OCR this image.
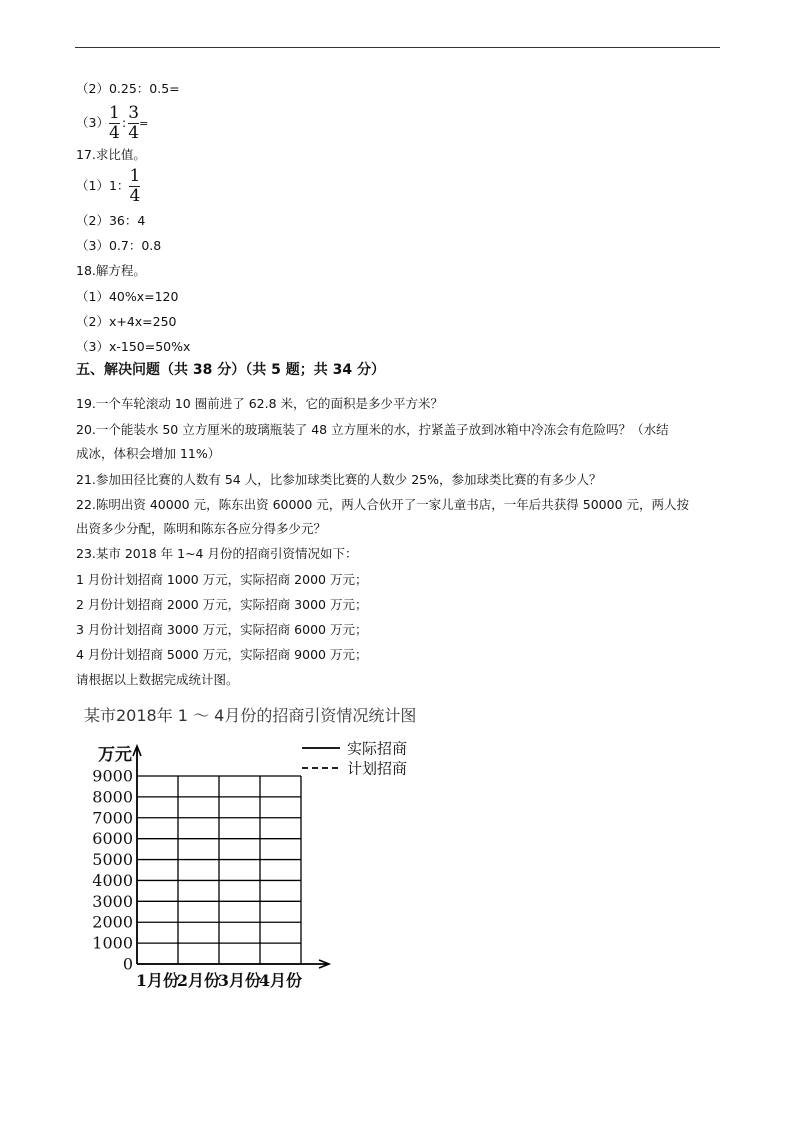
（2）0.25：0.5=
$(3) \frac{1}{4}$ : $\frac{3}{4}$ =
17.求比值。
（1）1： $\frac{1}{4}$
（2）36：4
（3）0.7：0.8
18.解方程。
（1）40%x=120
（2）x+4x=250
（3）x-150=50%x
五、解决问题（共 38 分）（共 5 题；共 34 分）
19.一个车轮滚动 10 圈前进了 62.8 米，它的面积是多少平方米？
20.一个能装水 50 立方厘米的玻璃瓶装了 48 立方厘米的水，拧紧盖子放到冰箱中冷冻会有危险吗？（水结
成冰，体积会增加 11%）
21.参加田径比赛的人数有 54 人，比参加球类比赛的人数少 25%，参加球类比赛的有多少人？
22.陈明出资 40000 元，陈东出资 60000 元，两人合伙开了一家儿童书店，一年后共获得 50000 元，两人按
出资多少分配，陈明和陈东各应分得多少元？
23.某市 2018 年 1~4 月份的招商引资情况如下：
1 月份计划招商 1000 万元，实际招商 2000 万元；
2 月份计划招商 2000 万元，实际招商 3000 万元；
3 月份计划招商 3000 万元，实际招商 6000 万元；
4 月份计划招商 5000 万元，实际招商 9000 万元；
请根据以上数据完成统计图。
某市2018年 1 ～ 4月份的招商引资情况统计图
万元
0
1000
2000
3000
4000
5000
6000
7000
8000
9000
1月份
2月份
3月份
4月份
实际招商
计划招商
